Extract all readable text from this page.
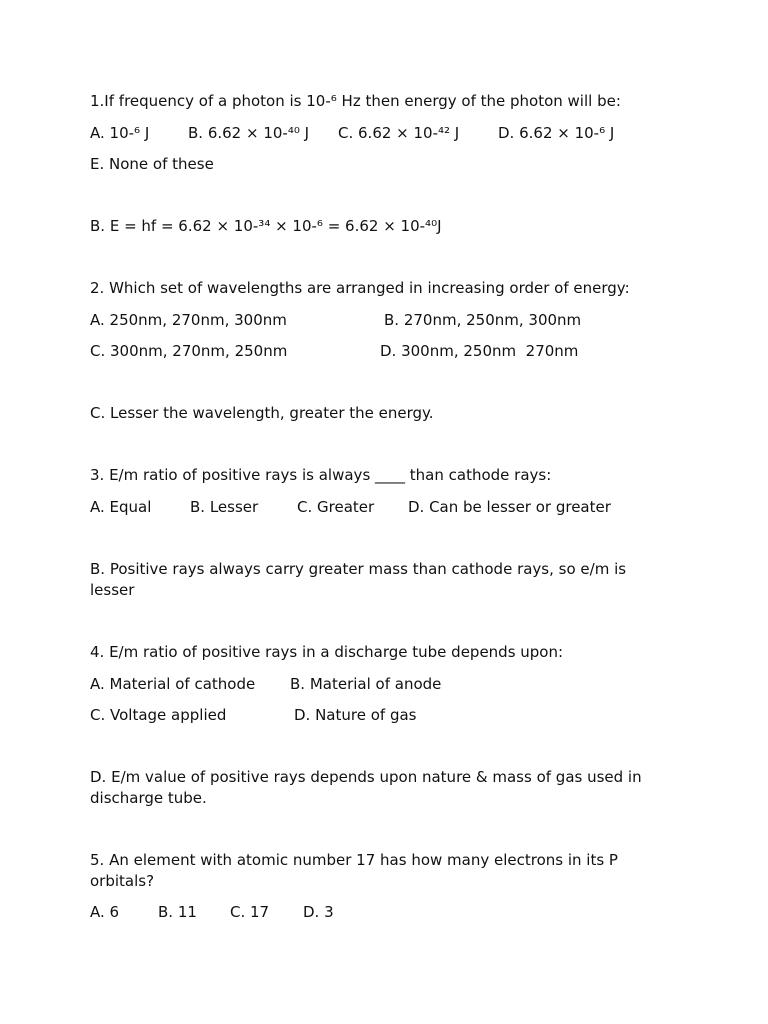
1.If frequency of a photon is 10-⁶ Hz then energy of the photon will be:
A. 10-⁶ J	B. 6.62 × 10-⁴⁰ J C. 6.62 × 10-⁴² J	D. 6.62 × 10-⁶ J
E. None of these
B. E = hf = 6.62 × 10-³⁴ × 10-⁶ = 6.62 × 10-⁴⁰J
2. Which set of wavelengths are arranged in increasing order of energy:
A. 250nm, 270nm, 300nm	B. 270nm, 250nm, 300nm
C. 300nm, 270nm, 250nm	D. 300nm, 250nm  270nm
C. Lesser the wavelength, greater the energy.
3. E/m ratio of positive rays is always ____ than cathode rays:
A. Equal	B. Lesser	C. Greater D. Can be lesser or greater
B. Positive rays always carry greater mass than cathode rays, so e/m is lesser
4. E/m ratio of positive rays in a discharge tube depends upon:
A. Material of cathode B. Material of anode
C. Voltage applied	D. Nature of gas
D. E/m value of positive rays depends upon nature & mass of gas used in discharge tube.
5. An element with atomic number 17 has how many electrons in its P orbitals?
A. 6	B. 11 C. 17 D. 3
